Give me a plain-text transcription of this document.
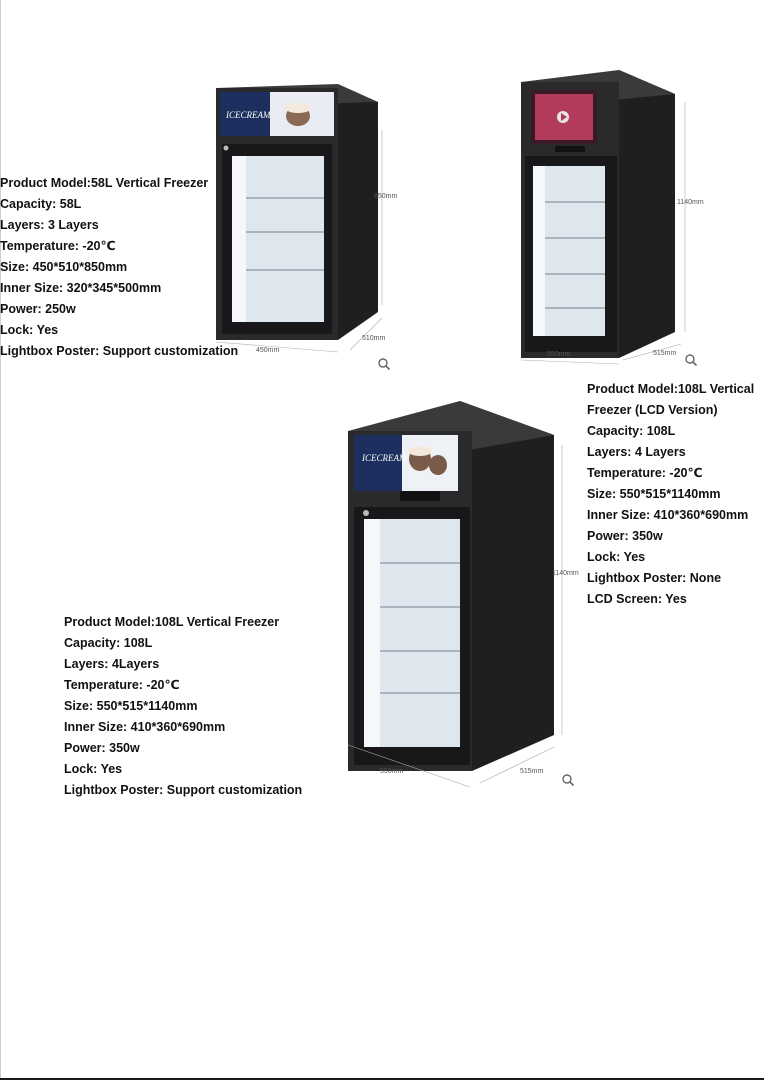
ICECREAM
850mm
510mm
450mm
Product Model:58L Vertical Freezer
Capacity: 58L
Layers: 3 Layers
Temperature: -20℃
Size: 450*510*850mm
Inner Size: 320*345*500mm
Power: 250w
Lock: Yes
Lightbox Poster: Support customization
1140mm
515mm
550mm
Product Model:108L Vertical
Freezer (LCD Version)
Capacity: 108L
Layers: 4 Layers
Temperature: -20℃
Size: 550*515*1140mm
Inner Size: 410*360*690mm
Power: 350w
Lock: Yes
Lightbox Poster: None
LCD Screen: Yes
ICECREAM
1140mm
515mm
550mm
Product Model:108L Vertical Freezer
Capacity: 108L
Layers: 4Layers
Temperature: -20℃
Size: 550*515*1140mm
Inner Size: 410*360*690mm
Power: 350w
Lock: Yes
Lightbox Poster: Support customization
